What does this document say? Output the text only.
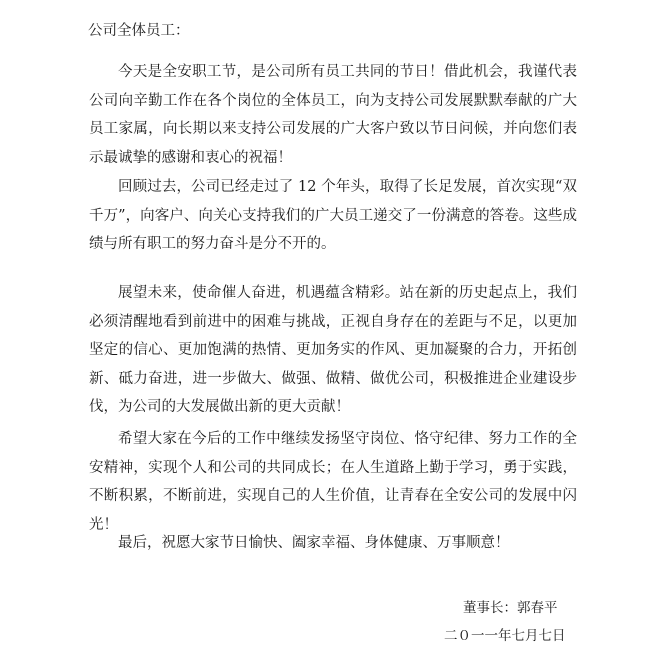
公司全体员工：

今天是全安职工节，是公司所有员工共同的节日！借此机会，我谨代表公司向辛勤工作在各个岗位的全体员工，向为支持公司发展默默奉献的广大员工家属，向长期以来支持公司发展的广大客户致以节日问候，并向您们表示最诚挚的感谢和衷心的祝福！

回顾过去，公司已经走过了 12 个年头，取得了长足发展，首次实现“双千万”，向客户、向关心支持我们的广大员工递交了一份满意的答卷。这些成绩与所有职工的努力奋斗是分不开的。

展望未来，使命催人奋进，机遇蕴含精彩。站在新的历史起点上，我们必须清醒地看到前进中的困难与挑战，正视自身存在的差距与不足，以更加坚定的信心、更加饱满的热情、更加务实的作风、更加凝聚的合力，开拓创新、砥力奋进，进一步做大、做强、做精、做优公司，积极推进企业建设步伐，为公司的大发展做出新的更大贡献！

希望大家在今后的工作中继续发扬坚守岗位、恪守纪律、努力工作的全安精神，实现个人和公司的共同成长；在人生道路上勤于学习，勇于实践，不断积累，不断前进，实现自己的人生价值，让青春在全安公司的发展中闪光！

最后，祝愿大家节日愉快、阖家幸福、身体健康、万事顺意！

董事长：郭春平
二０一一年七月七日
